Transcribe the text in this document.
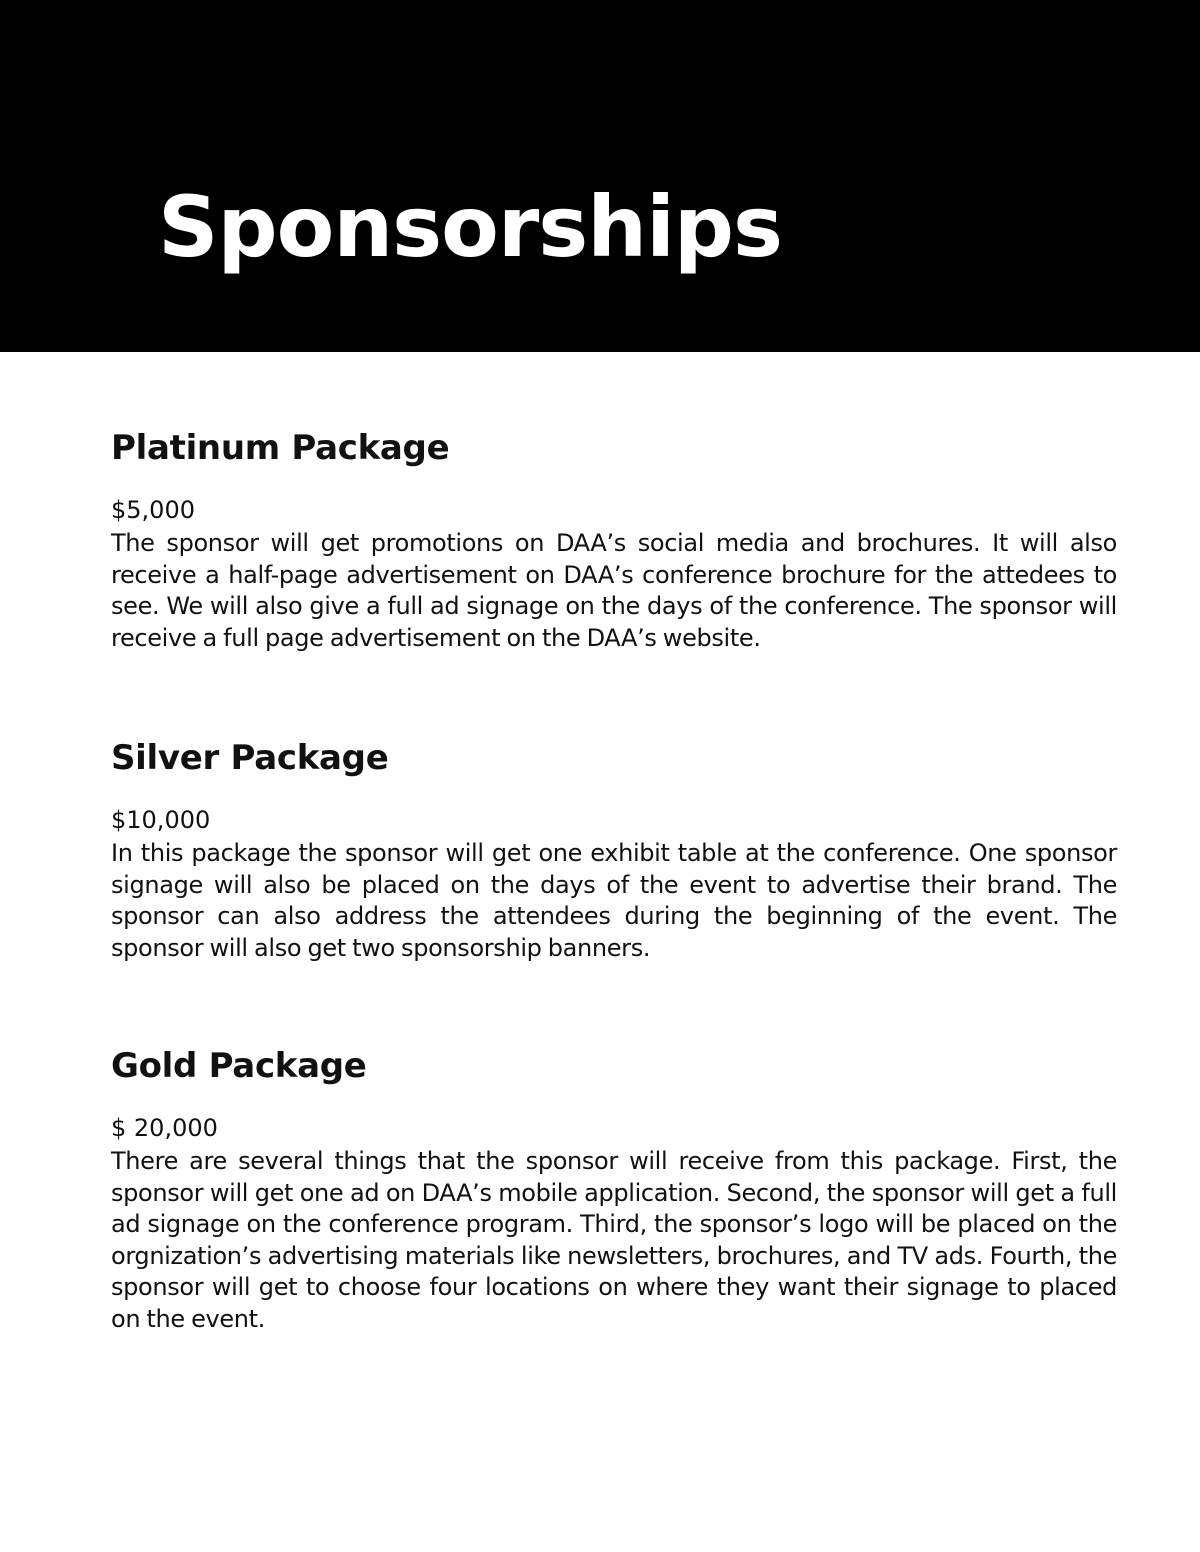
Sponsorships
Platinum Package

$5,000

The sponsor will get promotions on DAA’s social media and brochures. It will also receive a half-page advertisement on DAA’s conference brochure for the attedees to see. We will also give a full ad signage on the days of the conference. The sponsor will receive a full page advertisement on the DAA’s website.

Silver Package

$10,000

In this package the sponsor will get one exhibit table at the conference. One sponsor signage will also be placed on the days of the event to advertise their brand. The sponsor can also address the attendees during the beginning of the event. The sponsor will also get two sponsorship banners.

Gold Package

$ 20,000

There are several things that the sponsor will receive from this package. First, the sponsor will get one ad on DAA’s mobile application. Second, the sponsor will get a full ad signage on the conference program. Third, the sponsor’s logo will be placed on the orgnization’s advertising materials like newsletters, brochures, and TV ads. Fourth, the sponsor will get to choose four locations on where they want their signage to placed on the event.
